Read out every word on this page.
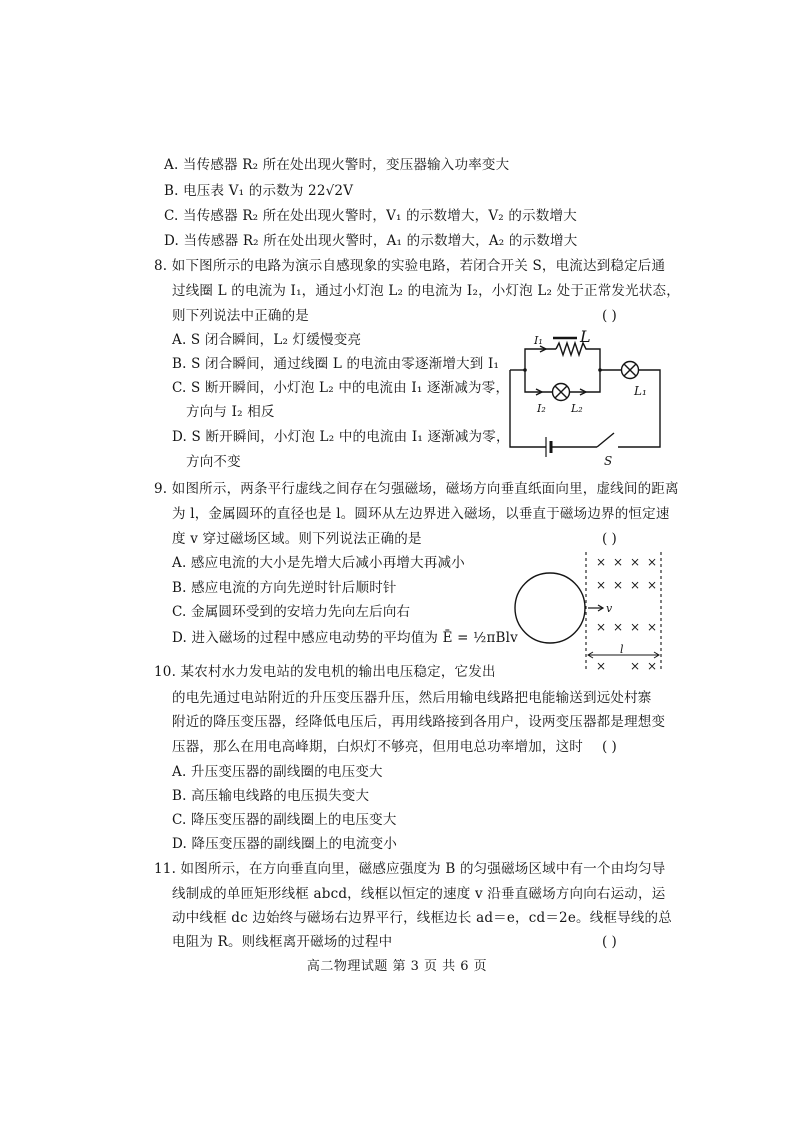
A. 当传感器 R₂ 所在处出现火警时，变压器输入功率变大
B. 电压表 V₁ 的示数为 22√2V
C. 当传感器 R₂ 所在处出现火警时，V₁ 的示数增大，V₂ 的示数增大
D. 当传感器 R₂ 所在处出现火警时，A₁ 的示数增大，A₂ 的示数增大
8. 如下图所示的电路为演示自感现象的实验电路，若闭合开关 S，电流达到稳定后通
过线圈 L 的电流为 I₁，通过小灯泡 L₂ 的电流为 I₂，小灯泡 L₂ 处于正常发光状态，
则下列说法中正确的是	( )
A. S 闭合瞬间，L₂ 灯缓慢变亮
B. S 闭合瞬间，通过线圈 L 的电流由零逐渐增大到 I₁
C. S 断开瞬间，小灯泡 L₂ 中的电流由 I₁ 逐渐减为零，
方向与 I₂ 相反
D. S 断开瞬间，小灯泡 L₂ 中的电流由 I₁ 逐渐减为零，
方向不变
I₁ L
L₁
I₂ L₂
S
9. 如图所示，两条平行虚线之间存在匀强磁场，磁场方向垂直纸面向里，虚线间的距离
为 l，金属圆环的直径也是 l。圆环从左边界进入磁场，以垂直于磁场边界的恒定速
度 v 穿过磁场区域。则下列说法正确的是	( )
A. 感应电流的大小是先增大后减小再增大再减小
B. 感应电流的方向先逆时针后顺时针
C. 金属圆环受到的安培力先向左后向右
D. 进入磁场的过程中感应电动势的平均值为 Ē = ½πBlv
v
l
× × × ×
× × × ×
× × × ×
× × ×
10. 某农村水力发电站的发电机的输出电压稳定，它发出
的电先通过电站附近的升压变压器升压，然后用输电线路把电能输送到远处村寨
附近的降压变压器，经降低电压后，再用线路接到各用户，设两变压器都是理想变
压器，那么在用电高峰期，白炽灯不够亮，但用电总功率增加，这时 ( )
A. 升压变压器的副线圈的电压变大
B. 高压输电线路的电压损失变大
C. 降压变压器的副线圈上的电压变大
D. 降压变压器的副线圈上的电流变小
11. 如图所示，在方向垂直向里，磁感应强度为 B 的匀强磁场区域中有一个由均匀导
线制成的单匝矩形线框 abcd，线框以恒定的速度 v 沿垂直磁场方向向右运动，运
动中线框 dc 边始终与磁场右边界平行，线框边长 ad＝e，cd＝2e。线框导线的总
电阻为 R。则线框离开磁场的过程中	( )
高二物理试题 第 3 页 共 6 页
